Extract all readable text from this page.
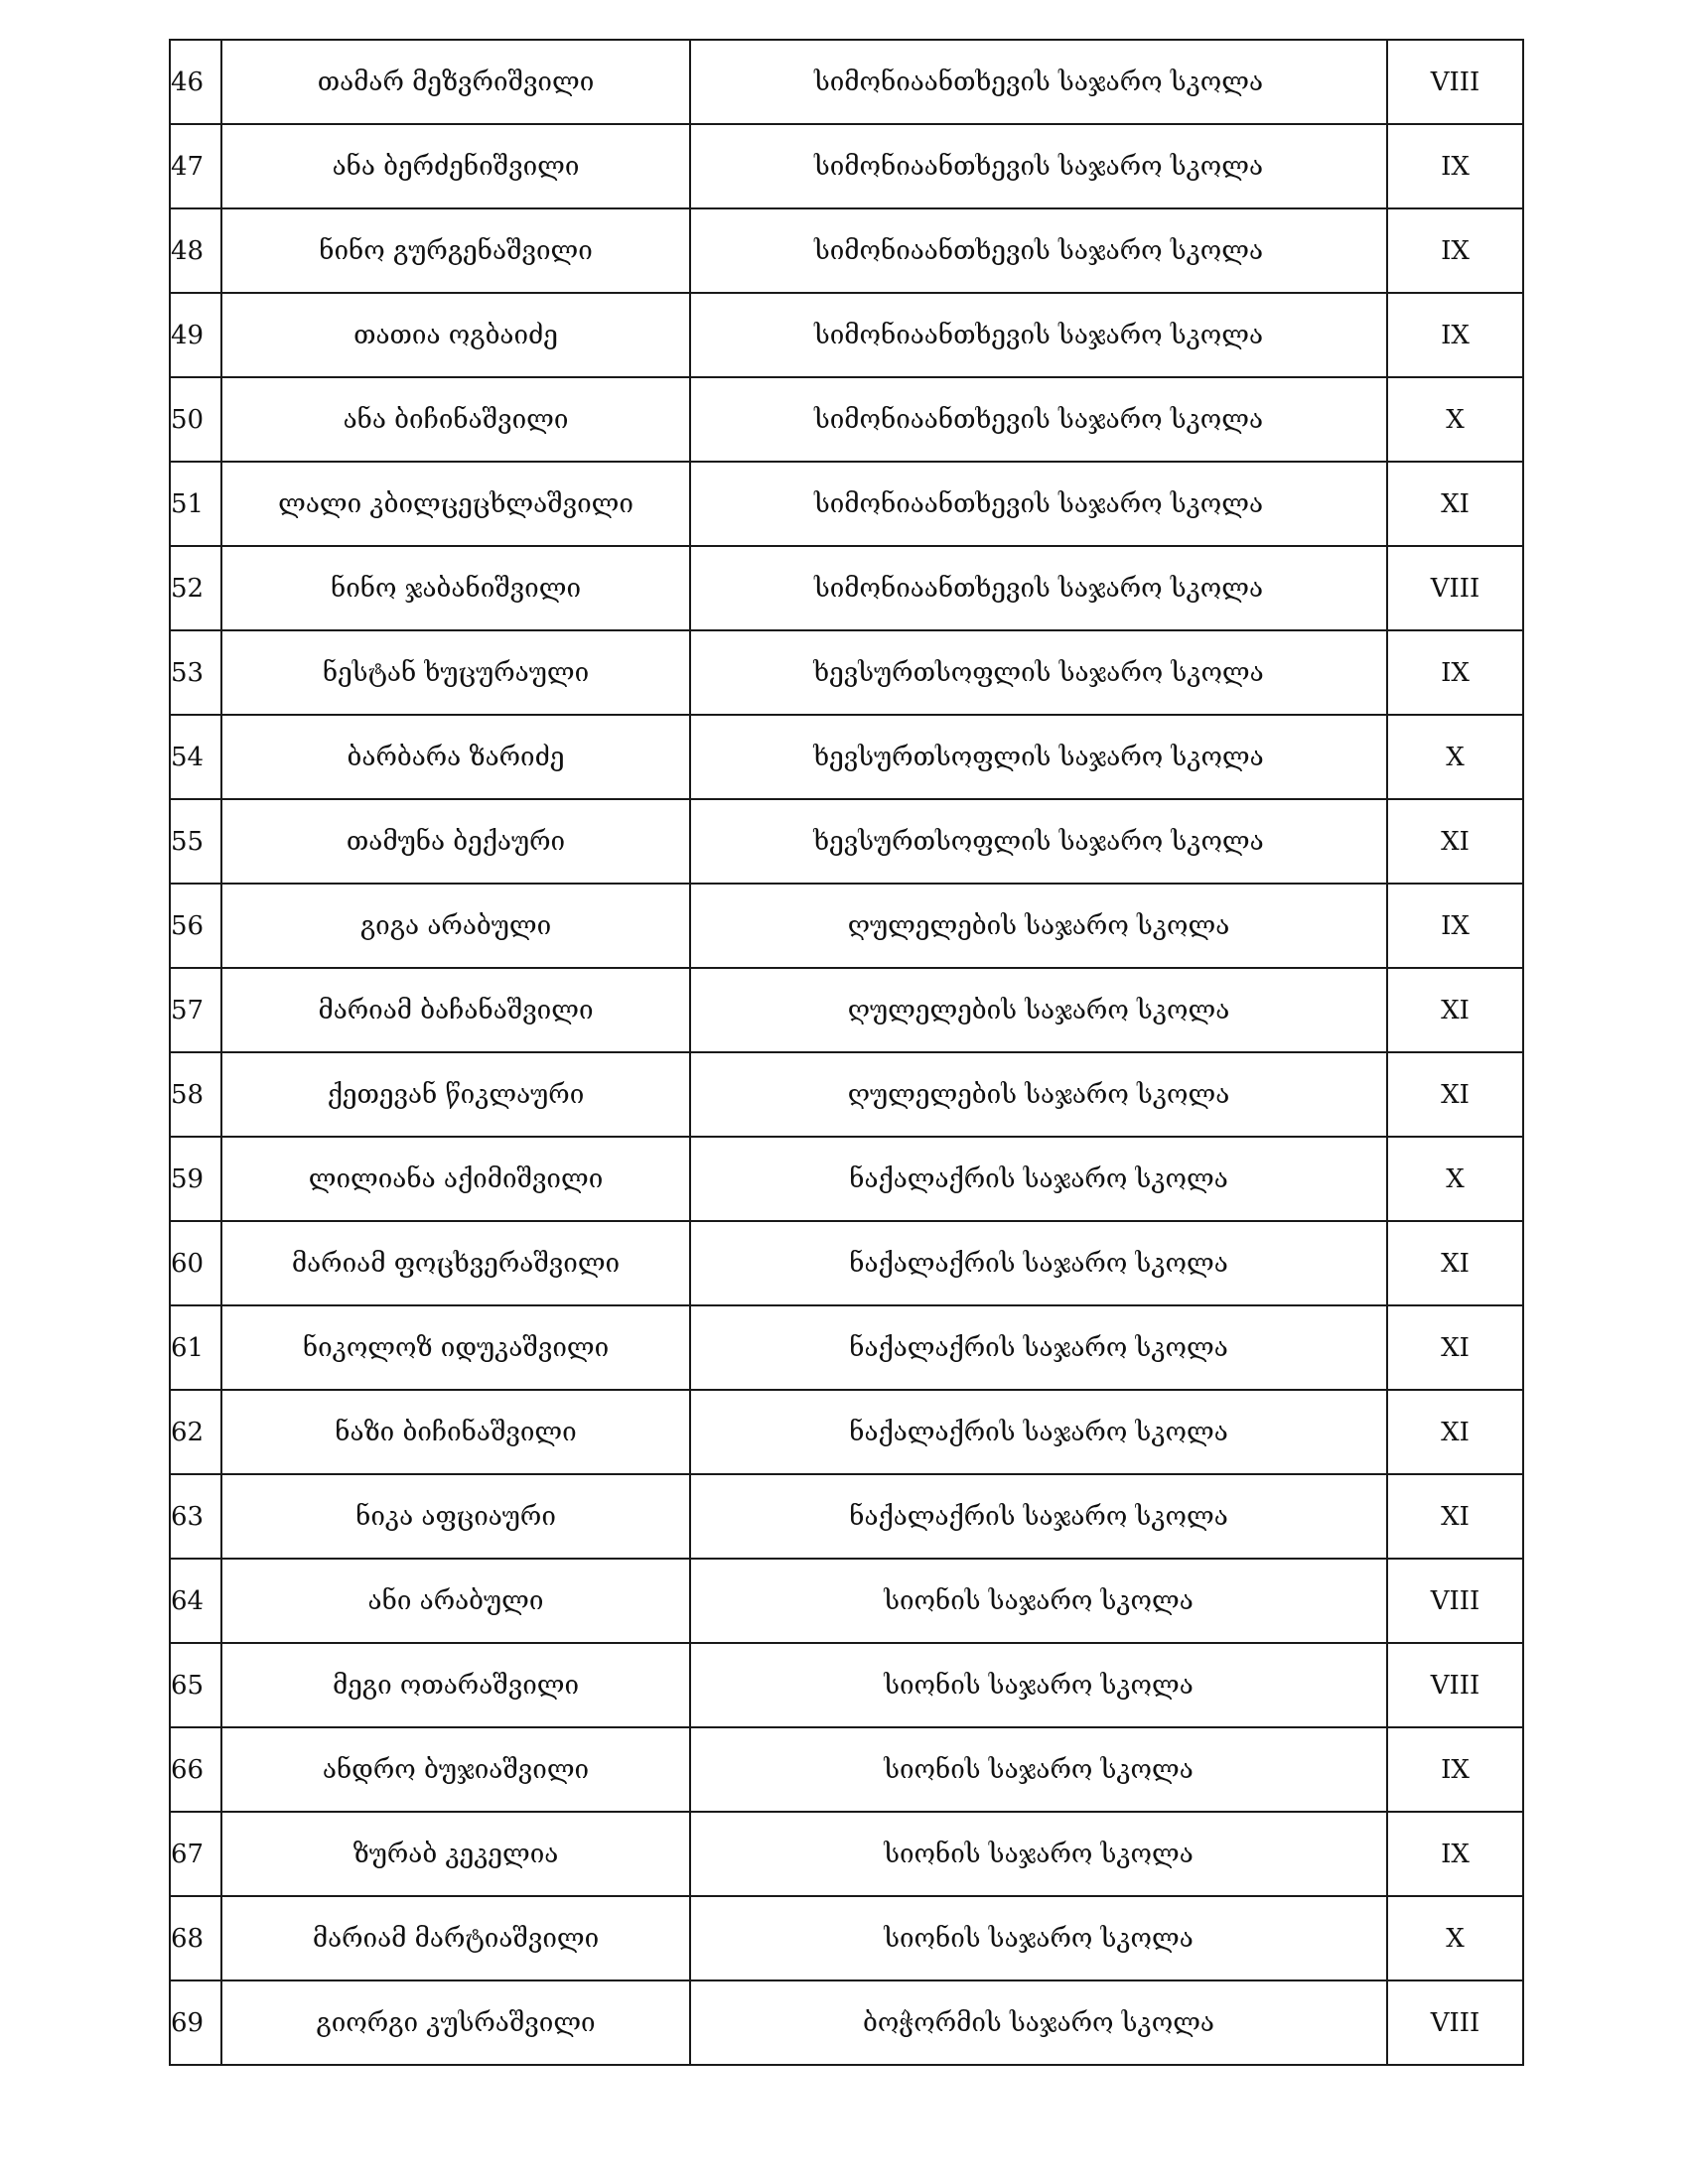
46	თამარ მეზვრიშვილი	სიმონიაანთხევის საჯარო სკოლა	VIII
47	ანა ბერძენიშვილი	სიმონიაანთხევის საჯარო სკოლა	IX
48	ნინო გურგენაშვილი	სიმონიაანთხევის საჯარო სკოლა	IX
49	თათია ოგბაიძე	სიმონიაანთხევის საჯარო სკოლა	IX
50	ანა ბიჩინაშვილი	სიმონიაანთხევის საჯარო სკოლა	X
51	ლალი კბილცეცხლაშვილი	სიმონიაანთხევის საჯარო სკოლა	XI
52	ნინო ჯაბანიშვილი	სიმონიაანთხევის საჯარო სკოლა	VIII
53	ნესტან ხუცურაული	ხევსურთსოფლის საჯარო სკოლა	IX
54	ბარბარა ზარიძე	ხევსურთსოფლის საჯარო სკოლა	X
55	თამუნა ბექაური	ხევსურთსოფლის საჯარო სკოლა	XI
56	გიგა არაბული	ღულელების საჯარო სკოლა	IX
57	მარიამ ბაჩანაშვილი	ღულელების საჯარო სკოლა	XI
58	ქეთევან წიკლაური	ღულელების საჯარო სკოლა	XI
59	ლილიანა აქიმიშვილი	ნაქალაქრის საჯარო სკოლა	X
60	მარიამ ფოცხვერაშვილი	ნაქალაქრის საჯარო სკოლა	XI
61	ნიკოლოზ იდუკაშვილი	ნაქალაქრის საჯარო სკოლა	XI
62	ნაზი ბიჩინაშვილი	ნაქალაქრის საჯარო სკოლა	XI
63	ნიკა აფციაური	ნაქალაქრის საჯარო სკოლა	XI
64	ანი არაბული	სიონის საჯარო სკოლა	VIII
65	მეგი ოთარაშვილი	სიონის საჯარო სკოლა	VIII
66	ანდრო ბუჯიაშვილი	სიონის საჯარო სკოლა	IX
67	ზურაბ კეკელია	სიონის საჯარო სკოლა	IX
68	მარიამ მარტიაშვილი	სიონის საჯარო სკოლა	X
69	გიორგი კუსრაშვილი	ბოჭორმის საჯარო სკოლა	VIII
